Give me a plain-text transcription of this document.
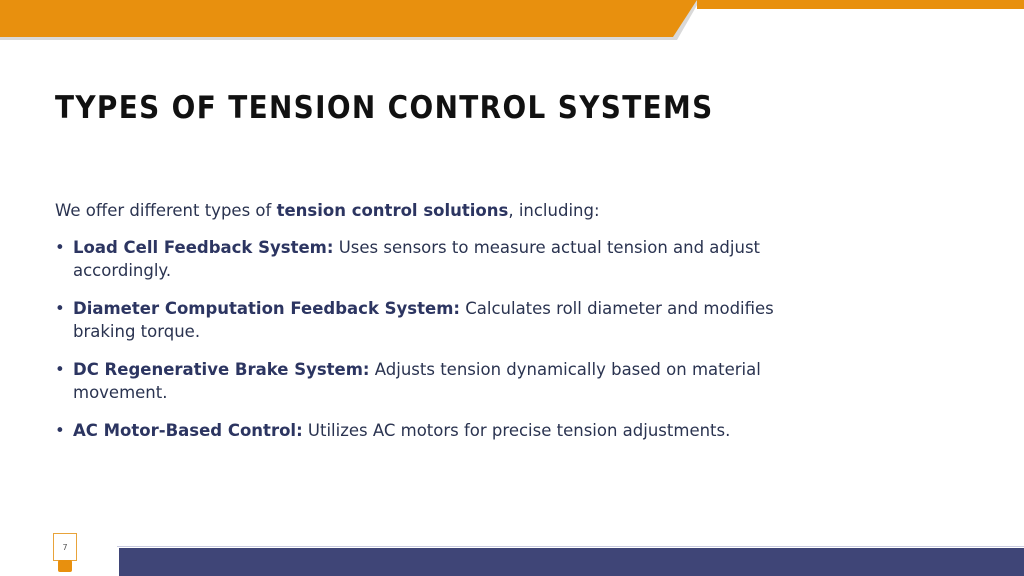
TYPES OF TENSION CONTROL SYSTEMS

We offer different types of tension control solutions, including:

• Load Cell Feedback System: Uses sensors to measure actual tension and adjust accordingly.
• Diameter Computation Feedback System: Calculates roll diameter and modifies braking torque.
• DC Regenerative Brake System: Adjusts tension dynamically based on material movement.
• AC Motor-Based Control: Utilizes AC motors for precise tension adjustments.
7
